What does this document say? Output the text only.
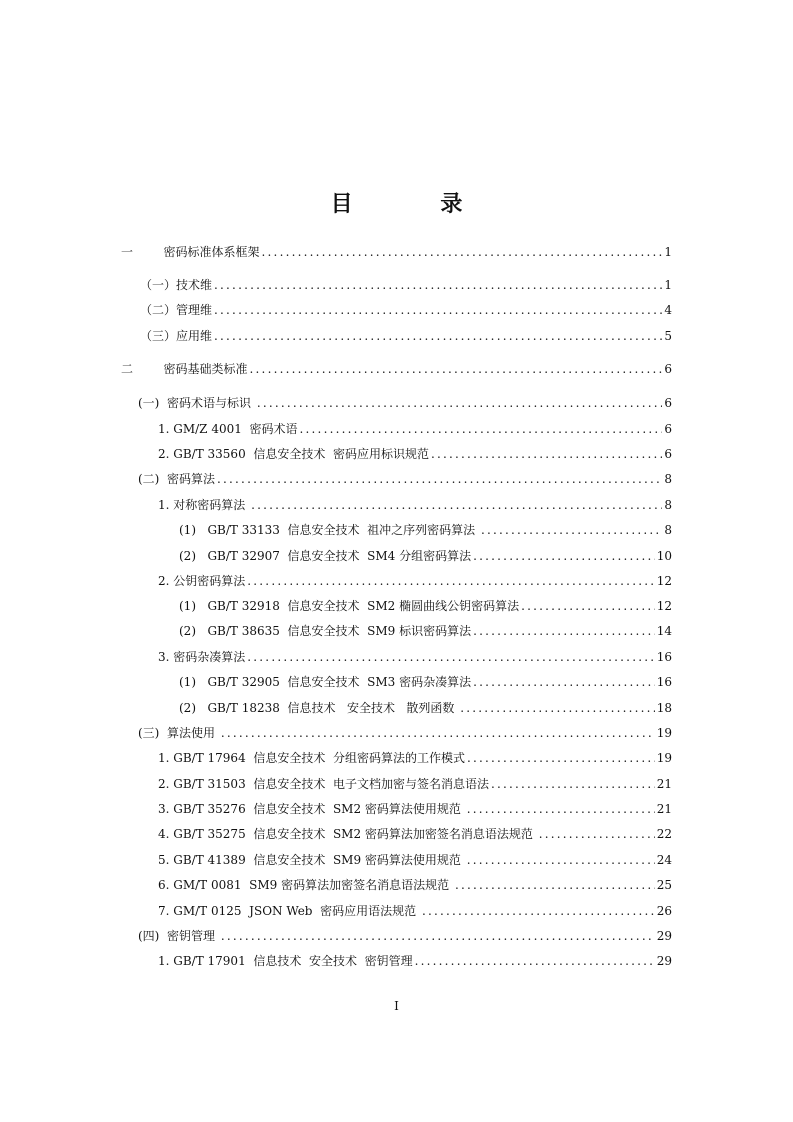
目 录
一        密码标准体系框架 .....	1
（一）技术维 .....	1
（二）管理维 .....	4
（三）应用维 .....	5
二        密码基础类标准 .....	6
(一)  密码术语与标识 .....	6
1. GM/Z 4001  密码术语 .....	6
2. GB/T 33560  信息安全技术  密码应用标识规范 .....	6
(二)  密码算法 .....	8
1. 对称密码算法 .....	8
(1)   GB/T 33133  信息安全技术  祖冲之序列密码算法 .....	8
(2)   GB/T 32907  信息安全技术  SM4 分组密码算法 .....	10
2. 公钥密码算法 .....	12
(1)   GB/T 32918  信息安全技术  SM2 椭圆曲线公钥密码算法 .....	12
(2)   GB/T 38635  信息安全技术  SM9 标识密码算法 .....	14
3. 密码杂凑算法 .....	16
(1)   GB/T 32905  信息安全技术  SM3 密码杂凑算法 .....	16
(2)   GB/T 18238  信息技术   安全技术   散列函数 .....	18
(三)  算法使用 .....	19
1. GB/T 17964  信息安全技术  分组密码算法的工作模式 .....	19
2. GB/T 31503  信息安全技术  电子文档加密与签名消息语法 .....	21
3. GB/T 35276  信息安全技术  SM2 密码算法使用规范 .....	21
4. GB/T 35275  信息安全技术  SM2 密码算法加密签名消息语法规范 .....	22
5. GB/T 41389  信息安全技术  SM9 密码算法使用规范 .....	24
6. GM/T 0081  SM9 密码算法加密签名消息语法规范 .....	25
7. GM/T 0125  JSON Web  密码应用语法规范 .....	26
(四)  密钥管理 .....	29
1. GB/T 17901  信息技术  安全技术  密钥管理 .....	29
I
